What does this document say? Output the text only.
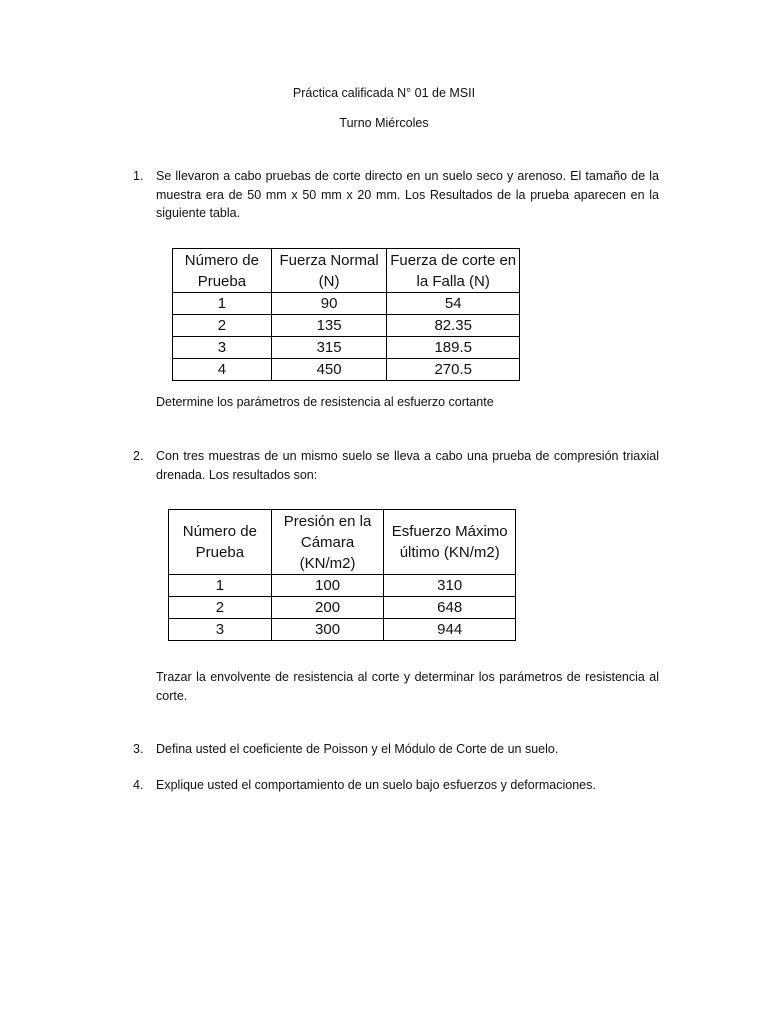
Práctica calificada N° 01 de MSII
Turno Miércoles
1. Se llevaron a cabo pruebas de corte directo en un suelo seco y arenoso. El tamaño de la muestra era de 50 mm x 50 mm x 20 mm. Los Resultados de la prueba aparecen en la siguiente tabla.
Número de Prueba	Fuerza Normal (N)	Fuerza de corte en la Falla (N)
1	90	54
2	135	82.35
3	315	189.5
4	450	270.5
Determine los parámetros de resistencia al esfuerzo cortante
2. Con tres muestras de un mismo suelo se lleva a cabo una prueba de compresión triaxial drenada. Los resultados son:
Número de Prueba	Presión en la Cámara (KN/m2)	Esfuerzo Máximo último (KN/m2)
1	100	310
2	200	648
3	300	944
Trazar la envolvente de resistencia al corte y determinar los parámetros de resistencia al corte.
3. Defina usted el coeficiente de Poisson y el Módulo de Corte de un suelo.
4. Explique usted el comportamiento de un suelo bajo esfuerzos y deformaciones.
